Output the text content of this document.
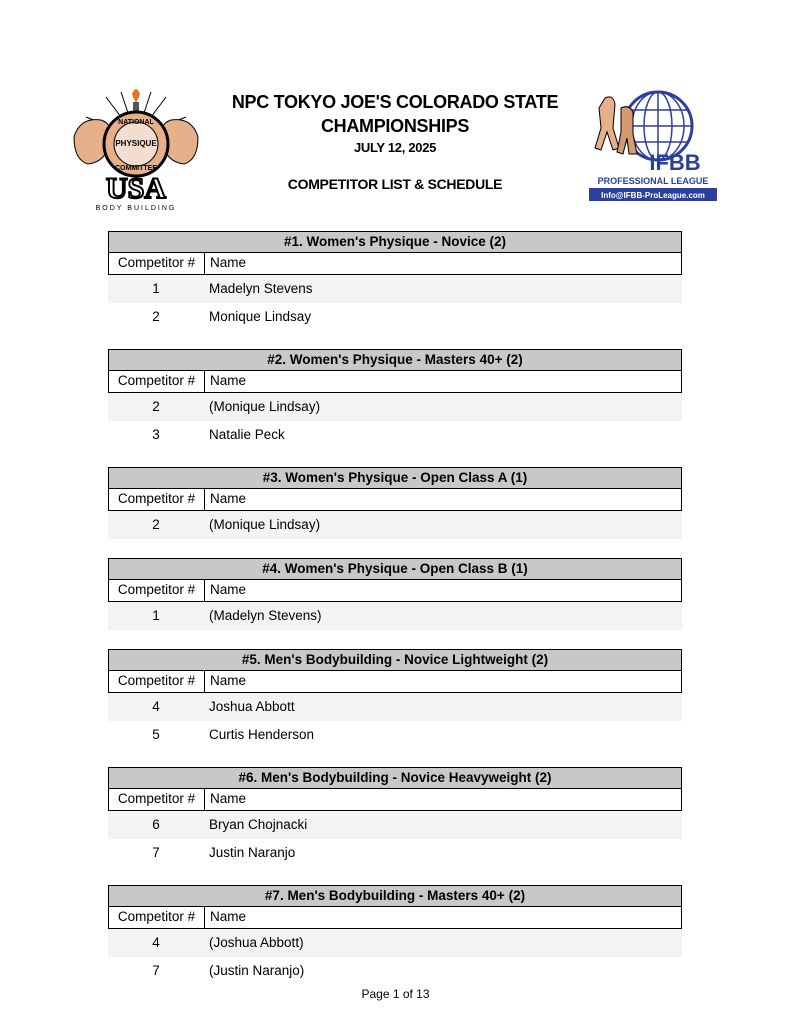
NATIONAL
PHYSIQUE
COMMITTEE
USA
BODY BUILDING
NPC TOKYO JOE'S COLORADO STATE
CHAMPIONSHIPS
JULY 12, 2025
COMPETITOR LIST & SCHEDULE
IFBB
PROFESSIONAL LEAGUE
Info@IFBB-ProLeague.com
#1. Women's Physique - Novice (2)
Competitor #	Name
1	Madelyn Stevens
2	Monique Lindsay
#2. Women's Physique - Masters 40+ (2)
Competitor #	Name
2	(Monique Lindsay)
3	Natalie Peck
#3. Women's Physique - Open Class A (1)
Competitor #	Name
2	(Monique Lindsay)
#4. Women's Physique - Open Class B (1)
Competitor #	Name
1	(Madelyn Stevens)
#5. Men's Bodybuilding - Novice Lightweight (2)
Competitor #	Name
4	Joshua Abbott
5	Curtis Henderson
#6. Men's Bodybuilding - Novice Heavyweight (2)
Competitor #	Name
6	Bryan Chojnacki
7	Justin Naranjo
#7. Men's Bodybuilding - Masters 40+ (2)
Competitor #	Name
4	(Joshua Abbott)
7	(Justin Naranjo)
Page 1 of 13
